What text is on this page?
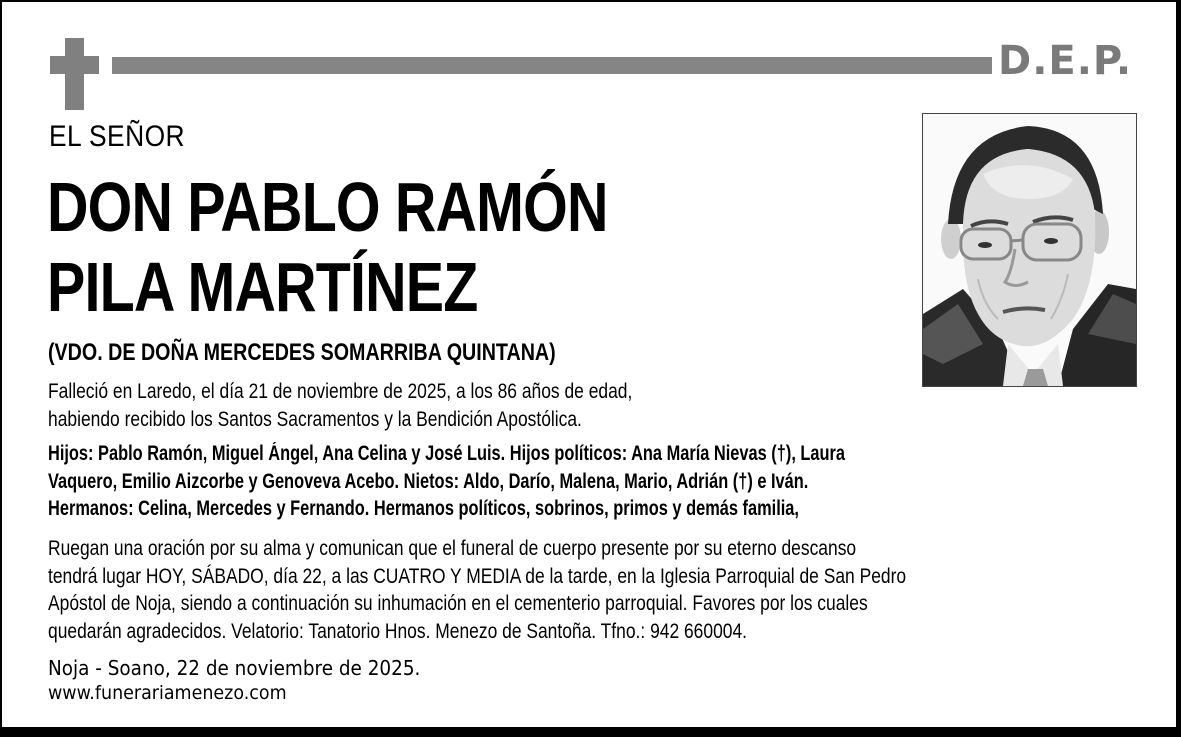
D.E.P.
EL SEÑOR
DON PABLO RAMÓN
PILA MARTÍNEZ
(VDO. DE DOÑA MERCEDES SOMARRIBA QUINTANA)
Falleció en Laredo, el día 21 de noviembre de 2025, a los 86 años de edad,
habiendo recibido los Santos Sacramentos y la Bendición Apostólica.
Hijos: Pablo Ramón, Miguel Ángel, Ana Celina y José Luis. Hijos políticos: Ana María Nievas (†), Laura
Vaquero, Emilio Aizcorbe y Genoveva Acebo. Nietos: Aldo, Darío, Malena, Mario, Adrián (†) e Iván.
Hermanos: Celina, Mercedes y Fernando. Hermanos políticos, sobrinos, primos y demás familia,
Ruegan una oración por su alma y comunican que el funeral de cuerpo presente por su eterno descanso
tendrá lugar HOY, SÁBADO, día 22, a las CUATRO Y MEDIA de la tarde, en la Iglesia Parroquial de San Pedro
Apóstol de Noja, siendo a continuación su inhumación en el cementerio parroquial. Favores por los cuales
quedarán agradecidos. Velatorio: Tanatorio Hnos. Menezo de Santoña. Tfno.: 942 660004.
Noja - Soano, 22 de noviembre de 2025.
www.funerariamenezo.com
